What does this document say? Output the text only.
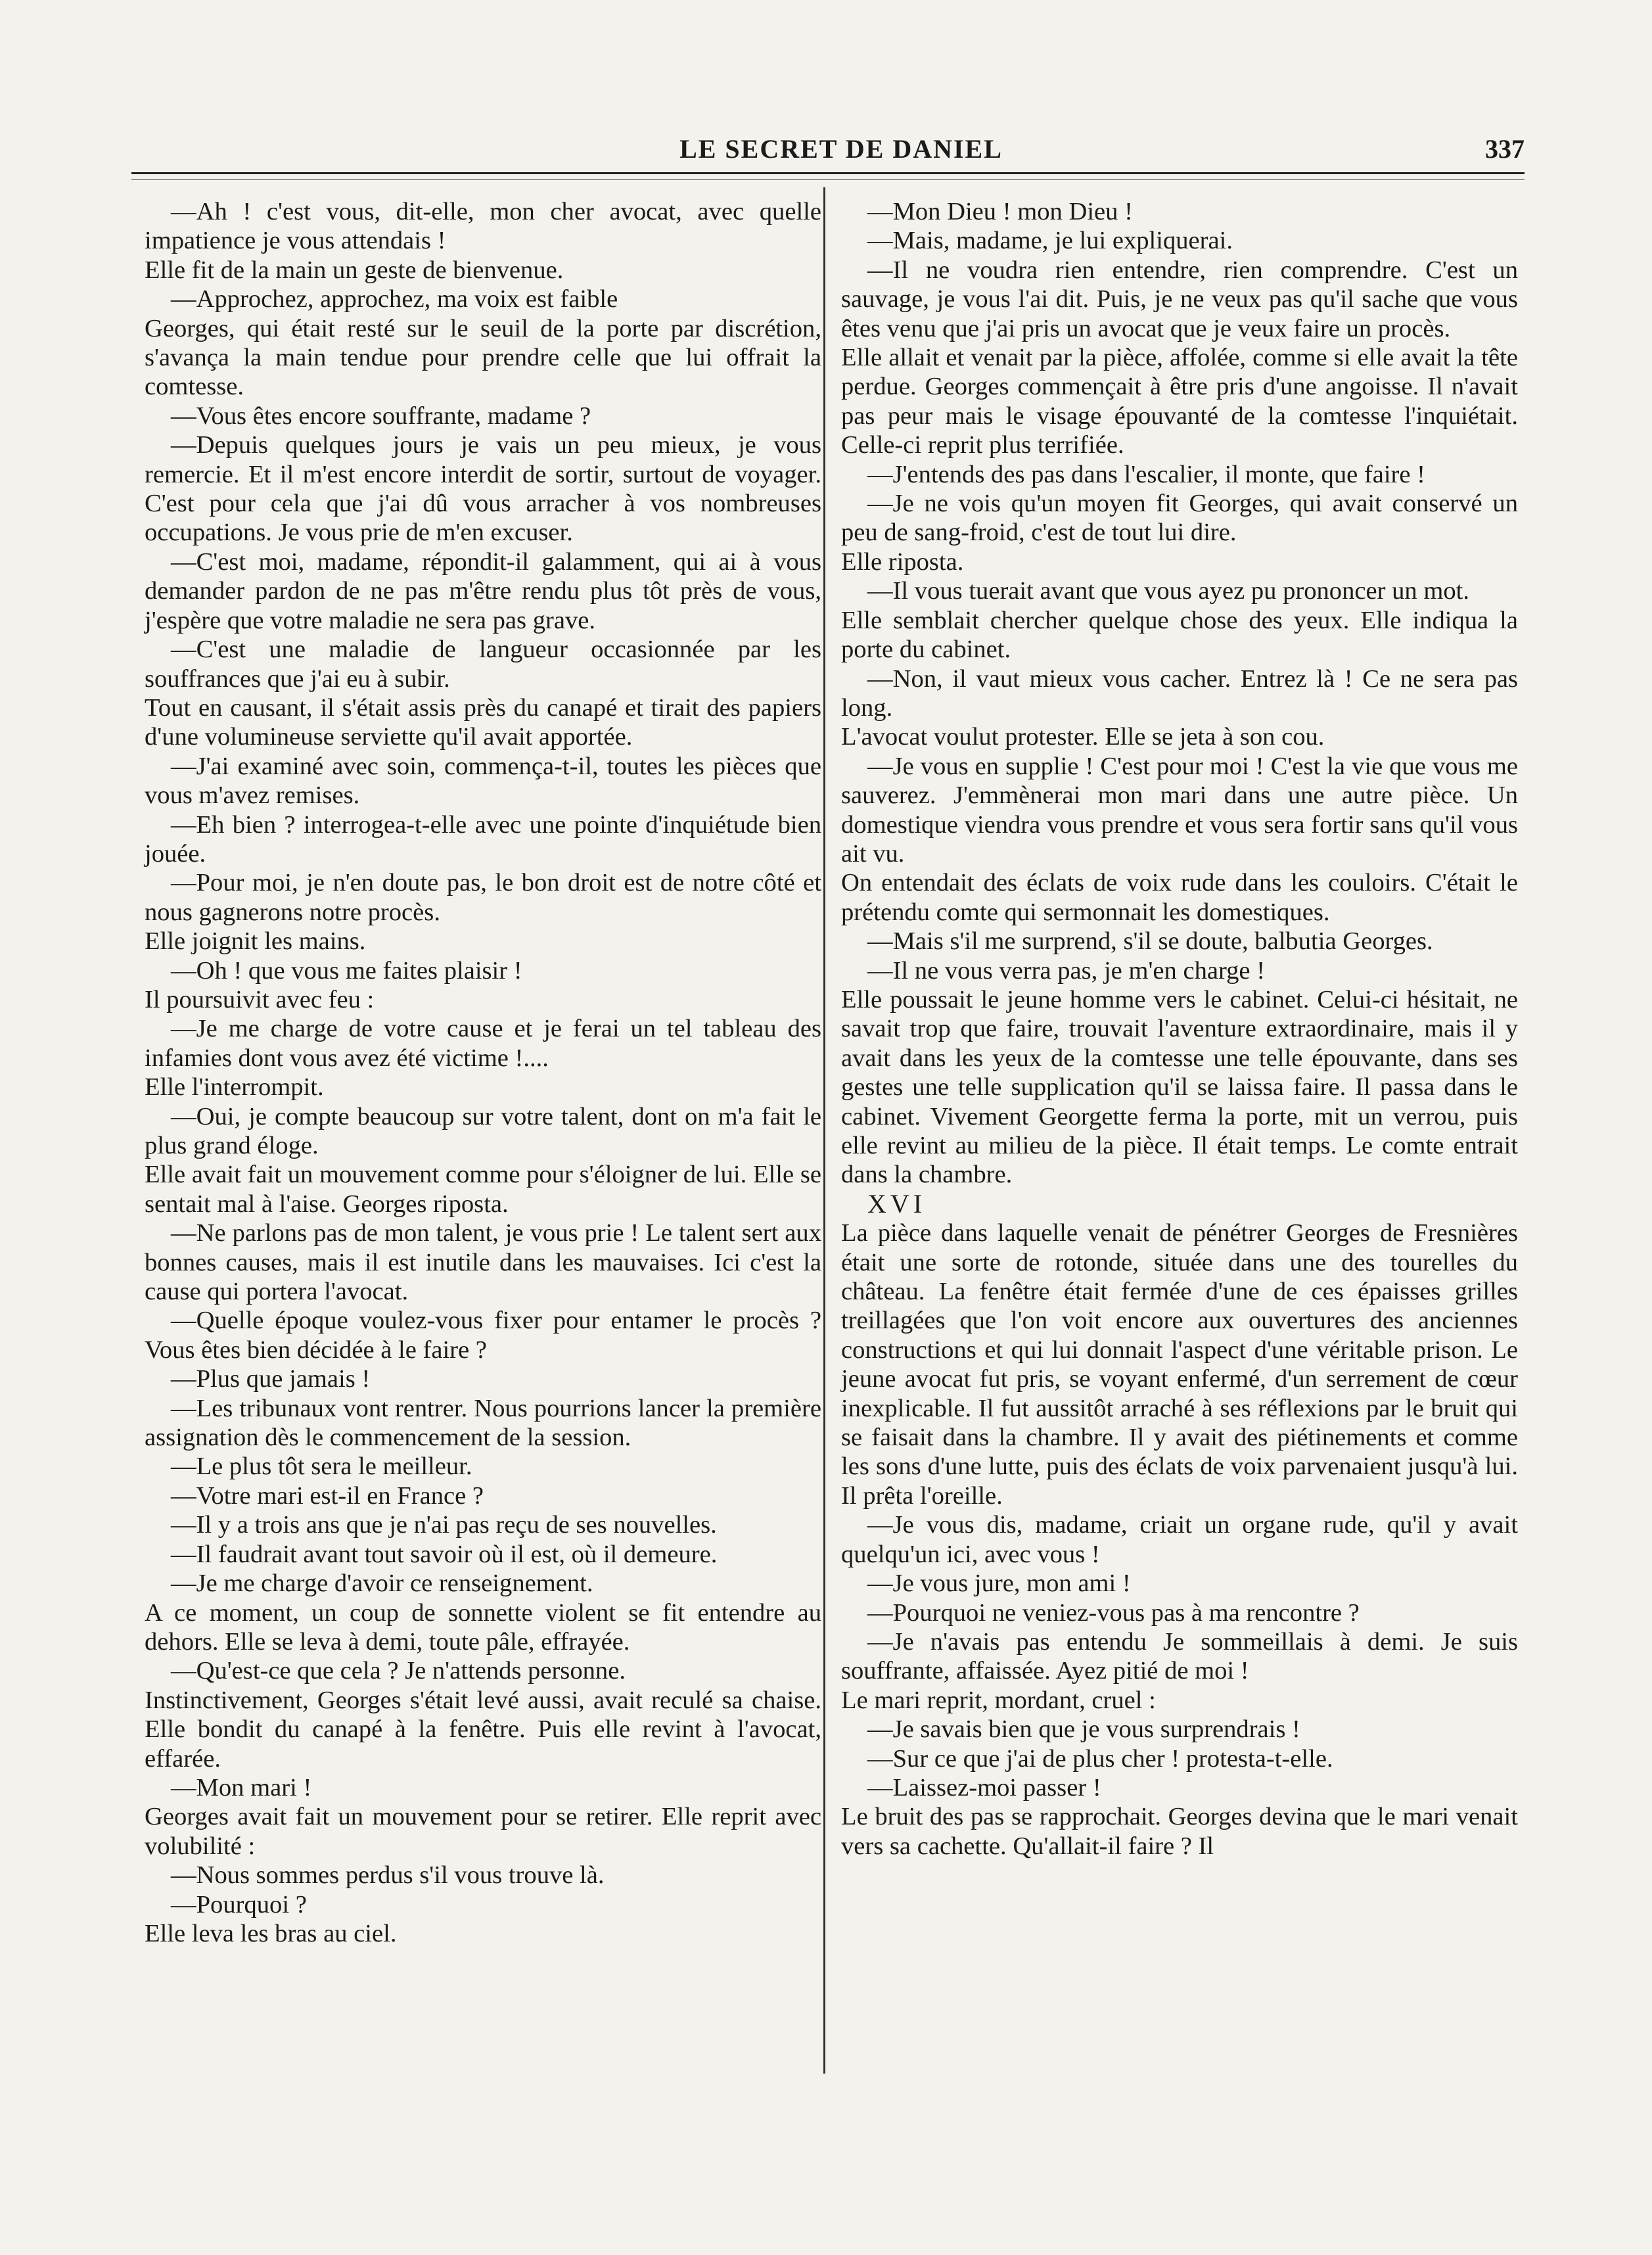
LE SECRET DE DANIEL	337

—Ah ! c'est vous, dit-elle, mon cher avocat, avec quelle impatience je vous attendais !

Elle fit de la main un geste de bienvenue.

—Approchez, approchez, ma voix est faible

Georges, qui était resté sur le seuil de la porte par discrétion, s'avança la main tendue pour prendre celle que lui offrait la comtesse.

—Vous êtes encore souffrante, madame ?

—Depuis quelques jours je vais un peu mieux, je vous remercie. Et il m'est encore interdit de sortir, surtout de voyager. C'est pour cela que j'ai dû vous arracher à vos nombreuses occupations. Je vous prie de m'en excuser.

—C'est moi, madame, répondit-il galamment, qui ai à vous demander pardon de ne pas m'être rendu plus tôt près de vous, j'espère que votre maladie ne sera pas grave.

—C'est une maladie de langueur occasionnée par les souffrances que j'ai eu à subir.

Tout en causant, il s'était assis près du canapé et tirait des papiers d'une volumineuse serviette qu'il avait apportée.

—J'ai examiné avec soin, commença-t-il, toutes les pièces que vous m'avez remises.

—Eh bien ? interrogea-t-elle avec une pointe d'inquiétude bien jouée.

—Pour moi, je n'en doute pas, le bon droit est de notre côté et nous gagnerons notre procès.

Elle joignit les mains.

—Oh ! que vous me faites plaisir !

Il poursuivit avec feu :

—Je me charge de votre cause et je ferai un tel tableau des infamies dont vous avez été victime !....

Elle l'interrompit.

—Oui, je compte beaucoup sur votre talent, dont on m'a fait le plus grand éloge.

Elle avait fait un mouvement comme pour s'éloigner de lui. Elle se sentait mal à l'aise. Georges riposta.

—Ne parlons pas de mon talent, je vous prie ! Le talent sert aux bonnes causes, mais il est inutile dans les mauvaises. Ici c'est la cause qui portera l'avocat.

—Quelle époque voulez-vous fixer pour entamer le procès ? Vous êtes bien décidée à le faire ?

—Plus que jamais !

—Les tribunaux vont rentrer. Nous pourrions lancer la première assignation dès le commencement de la session.

—Le plus tôt sera le meilleur.

—Votre mari est-il en France ?

—Il y a trois ans que je n'ai pas reçu de ses nouvelles.

—Il faudrait avant tout savoir où il est, où il demeure.

—Je me charge d'avoir ce renseignement.

A ce moment, un coup de sonnette violent se fit entendre au dehors. Elle se leva à demi, toute pâle, effrayée.

—Qu'est-ce que cela ? Je n'attends personne.

Instinctivement, Georges s'était levé aussi, avait reculé sa chaise. Elle bondit du canapé à la fenêtre. Puis elle revint à l'avocat, effarée.

—Mon mari !

Georges avait fait un mouvement pour se retirer. Elle reprit avec volubilité :

—Nous sommes perdus s'il vous trouve là.

—Pourquoi ?

Elle leva les bras au ciel.

—Mon Dieu ! mon Dieu !

—Mais, madame, je lui expliquerai.

—Il ne voudra rien entendre, rien comprendre. C'est un sauvage, je vous l'ai dit. Puis, je ne veux pas qu'il sache que vous êtes venu que j'ai pris un avocat que je veux faire un procès.

Elle allait et venait par la pièce, affolée, comme si elle avait la tête perdue. Georges commençait à être pris d'une angoisse. Il n'avait pas peur mais le visage épouvanté de la comtesse l'inquiétait. Celle-ci reprit plus terrifiée.

—J'entends des pas dans l'escalier, il monte, que faire !

—Je ne vois qu'un moyen fit Georges, qui avait conservé un peu de sang-froid, c'est de tout lui dire.

Elle riposta.

—Il vous tuerait avant que vous ayez pu prononcer un mot.

Elle semblait chercher quelque chose des yeux. Elle indiqua la porte du cabinet.

—Non, il vaut mieux vous cacher. Entrez là ! Ce ne sera pas long.

L'avocat voulut protester. Elle se jeta à son cou.

—Je vous en supplie ! C'est pour moi ! C'est la vie que vous me sauverez. J'emmènerai mon mari dans une autre pièce. Un domestique viendra vous prendre et vous sera fortir sans qu'il vous ait vu.

On entendait des éclats de voix rude dans les couloirs. C'était le prétendu comte qui sermonnait les domestiques.

—Mais s'il me surprend, s'il se doute, balbutia Georges.

—Il ne vous verra pas, je m'en charge !

Elle poussait le jeune homme vers le cabinet. Celui-ci hésitait, ne savait trop que faire, trouvait l'aventure extraordinaire, mais il y avait dans les yeux de la comtesse une telle épouvante, dans ses gestes une telle supplication qu'il se laissa faire. Il passa dans le cabinet. Vivement Georgette ferma la porte, mit un verrou, puis elle revint au milieu de la pièce. Il était temps. Le comte entrait dans la chambre.

XVI

La pièce dans laquelle venait de pénétrer Georges de Fresnières était une sorte de rotonde, située dans une des tourelles du château. La fenêtre était fermée d'une de ces épaisses grilles treillagées que l'on voit encore aux ouvertures des anciennes constructions et qui lui donnait l'aspect d'une véritable prison. Le jeune avocat fut pris, se voyant enfermé, d'un serrement de cœur inexplicable. Il fut aussitôt arraché à ses réflexions par le bruit qui se faisait dans la chambre. Il y avait des piétinements et comme les sons d'une lutte, puis des éclats de voix parvenaient jusqu'à lui. Il prêta l'oreille.

—Je vous dis, madame, criait un organe rude, qu'il y avait quelqu'un ici, avec vous !

—Je vous jure, mon ami !

—Pourquoi ne veniez-vous pas à ma rencontre ?

—Je n'avais pas entendu Je sommeillais à demi. Je suis souffrante, affaissée. Ayez pitié de moi !

Le mari reprit, mordant, cruel :

—Je savais bien que je vous surprendrais !

—Sur ce que j'ai de plus cher ! protesta-t-elle.

—Laissez-moi passer !

Le bruit des pas se rapprochait. Georges devina que le mari venait vers sa cachette. Qu'allait-il faire ? Il
